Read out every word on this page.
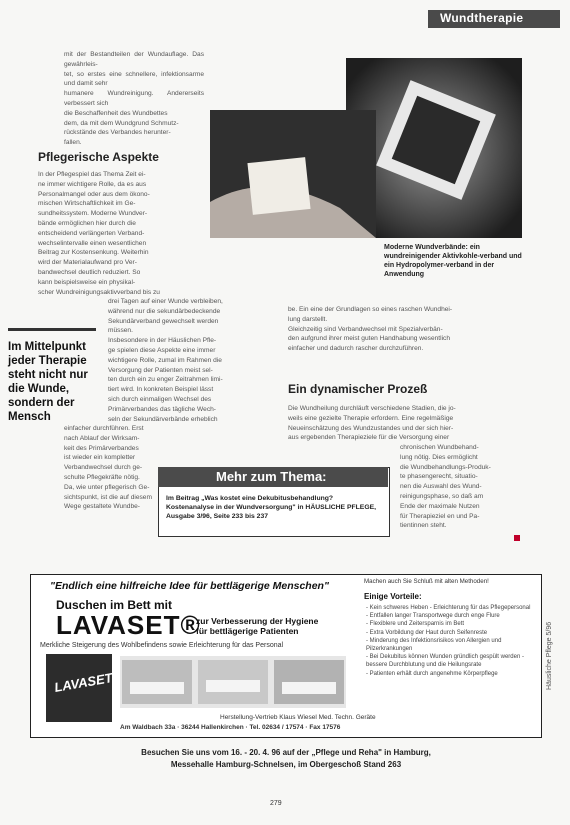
Wundtherapie
mit der Bestandteilen der Wundauflage. Das gewährleis-
tet, so erstes eine schnellere, infektionsarme und damit sehr
humanere Wundreinigung. Andererseits verbessert sich
die Beschaffenheit des Wundbettes
dem, da mit dem Wundgrund Schmutz-
rückstände des Verbandes herunter-
fallen.
Pflegerische Aspekte
In der Pflegespiel das Thema Zeit ei-
ne immer wichtigere Rolle, da es aus
Personalmangel oder aus dem ökono-
mischen Wirtschaftlichkeit im Ge-
sundheitssystem. Moderne Wundver-
bände ermöglichen hier durch die
entscheidend verlängerten Verband-
wechselintervalle einen wesentlichen
Beitrag zur Kostensenkung. Weiterhin
wird der Materialaufwand pro Ver-
bandwechsel deutlich reduziert. So
kann beispielsweise ein physikal-
scher Wundreinigungsaktivverband bis zu
drei Tagen auf einer Wunde verbleiben,
während nur die sekundärbedeckende
Sekundärverband gewechselt werden
müssen.
Insbesondere in der Häuslichen Pfle-
ge spielen diese Aspekte eine immer
wichtigere Rolle, zumal im Rahmen die
Versorgung der Patienten meist sel-
ten durch ein zu enger Zeitrahmen limi-
tiert wird. In konkreten Beispiel lässt
sich durch einmaligen Wechsel des
Primärverbandes das tägliche Wech-
seln der Sekundärverbände erheblich
einfacher durchführen. Erst
nach Ablauf der Wirksam-
keit des Primärverbandes
ist wieder ein kompletter
Verbandwechsel durch ge-
schulte Pflegekräfte nötig.
Da, wie unter pflegerisch Ge-
sichtspunkt, ist die auf diesem
Wege gestaltete Wundbe-
Im Mittelpunkt jeder Therapie steht nicht nur die Wunde, sondern der Mensch
Moderne Wundverbände: ein wundreinigender Aktivkohle-verband und ein Hydropolymer-verband in der Anwendung
be. Ein eine der Grundlagen so eines raschen Wundhei-
lung darstellt.
Gleichzeitig sind Verbandwechsel mit Spezialverbän-
den aufgrund ihrer meist guten Handhabung wesentlich
einfacher und dadurch rascher durchzuführen.
Ein dynamischer Prozeß
Die Wundheilung durchläuft verschiedene Stadien, die jo-
weils eine gezielte Therapie erfordern. Eine regelmäßige
Neueinschätzung des Wundzustandes und der sich hier-
aus ergebenden Therapieziele für die Versorgung einer
chronischen Wundbehand-
lung nötig. Dies ermöglicht
die Wundbehandlungs-Produk-
te phasengerecht, situatio-
nen die Auswahl des Wund-
reinigungsphase, so daß am
Ende der maximale Nutzen
für Therapieziel en und Pa-
tientinnen steht.
Mehr zum Thema:
Im Beitrag „Was kostet eine Dekubitusbehandlung? Kostenanalyse in der Wundversorgung" in HÄUSLICHE PFLEGE, Ausgabe 3/96, Seite 233 bis 237
"Endlich eine hilfreiche Idee für bettlägerige Menschen"
Duschen im Bett mit
LAVASET®
zur Verbesserung der Hygiene
für bettlägerige Patienten
Merkliche Steigerung des Wohlbefindens sowie Erleichterung für das Personal
LAVASET
Herstellung-Vertrieb Klaus Wiesel Med. Techn. Geräte
Am Waldbach 33a · 36244 Hallenkirchen · Tel. 02634 / 17574 · Fax 17576
Machen auch Sie Schluß mit alten Methoden!
Einige Vorteile:
- Kein schweres Heben - Erleichterung für das Pflegepersonal
- Entfallen langer Transportwege durch enge Flure
- Flexiblere und Zeitersparnis im Bett
- Extra Vorbildung der Haut durch Seifenreste
- Minderung des Infektionsrisikos von Allergien und Pilzerkrankungen
- Bei Dekubitus können Wunden gründlich gespült werden - bessere Durchblutung und die Heilungsrate
- Patienten erhält durch angenehme Körperpflege
Besuchen Sie uns vom 16. - 20. 4. 96 auf der „Pflege und Reha" in Hamburg,
Messehalle Hamburg-Schnelsen, im Obergeschoß Stand 263
279
Häusliche Pflege 5/96
